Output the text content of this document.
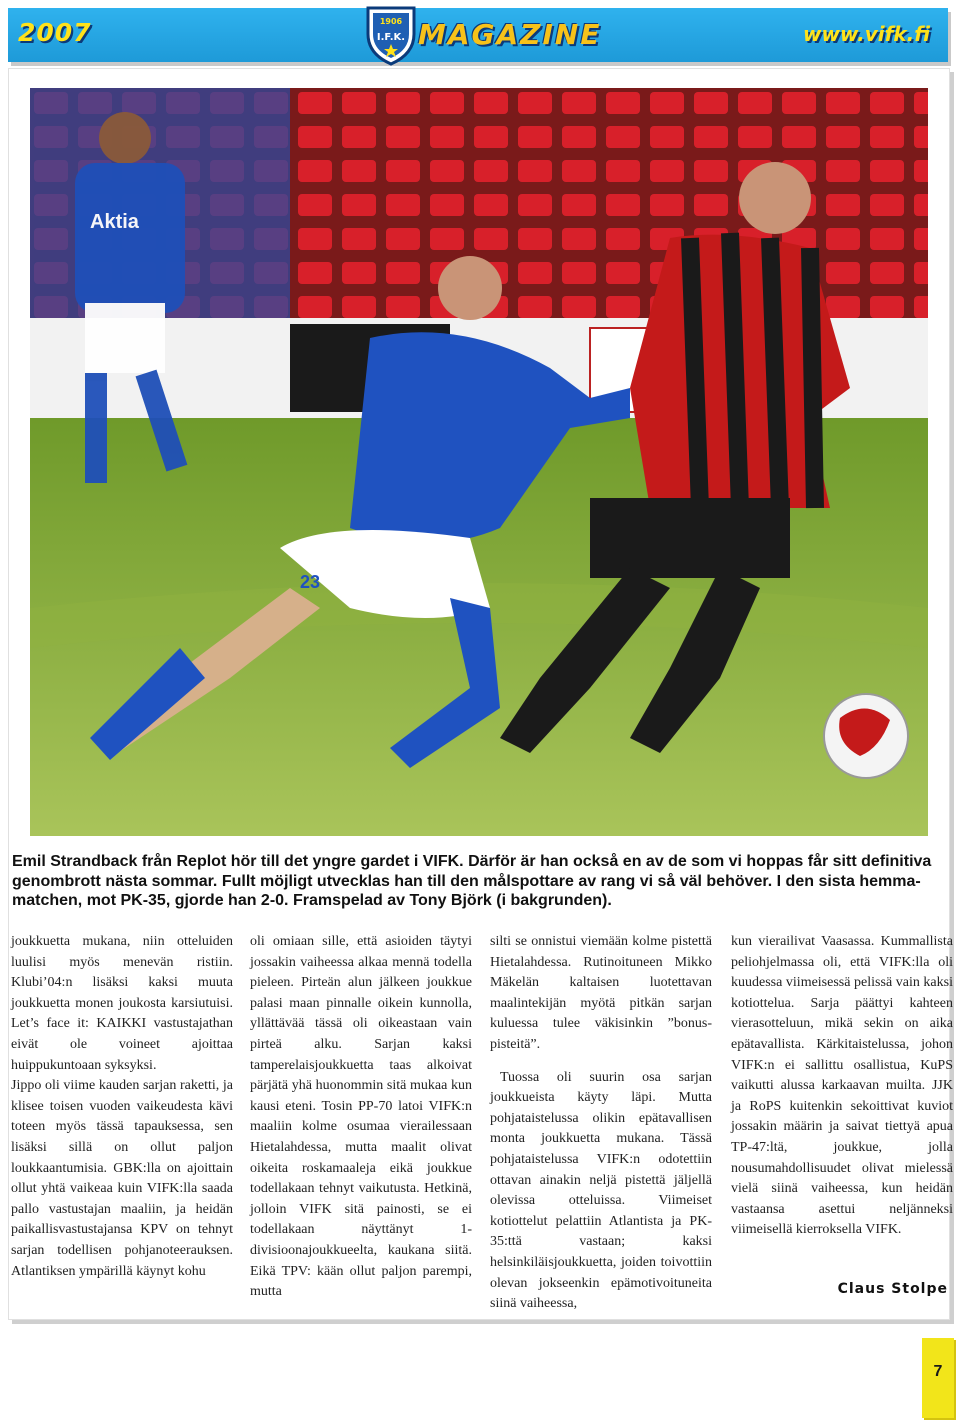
2007	1906
I.F.K. MAGAZINE	www.vifk.fi
Aktia
23
Emil Strandback från Replot hör till det yngre gardet i VIFK. Därför är han också en av de som vi hoppas får sitt definitiva genombrott nästa sommar. Fullt möjligt utvecklas han till den målspottare av rang vi så väl behöver. I den sista hemma-matchen, mot PK-35, gjorde han 2-0. Framspelad av Tony Björk (i bakgrunden).

joukkuetta mukana, niin otteluiden luulisi myös menevän ristiin. Klubi’04:n lisäksi kaksi muuta joukkuetta monen joukosta karsiutuisi. Let’s face it: KAIKKI vastustajathan eivät ole voineet ajoittaa huippukuntoaan syksyksi.

Jippo oli viime kauden sarjan raketti, ja klisee toisen vuoden vaikeudesta kävi toteen myös tässä tapauksessa, sen lisäksi sillä on ollut paljon loukkaantumisia. GBK:lla on ajoittain ollut yhtä vaikeaa kuin VIFK:lla saada pallo vastustajan maaliin, ja heidän paikallisvastustajansa KPV on tehnyt sarjan todellisen pohjanoteerauksen. Atlantiksen ympärillä käynyt kohu

oli omiaan sille, että asioiden täytyi jossakin vaiheessa alkaa mennä todella pieleen. Pirteän alun jälkeen joukkue palasi maan pinnalle oikein kunnolla, yllättävää tässä oli oikeastaan vain pirteä alku. Sarjan kaksi tamperelaisjoukkuetta taas alkoivat pärjätä yhä huonommin sitä mukaa kun kausi eteni. Tosin PP-70 latoi VIFK:n maaliin kolme osumaa vierailessaan Hietalahdessa, mutta maalit olivat oikeita roskamaaleja eikä joukkue todellakaan tehnyt vaikutusta. Hetkinä, jolloin VIFK sitä painosti, se ei todellakaan näyttänyt 1-divisioonajoukkueelta, kaukana siitä. Eikä TPV: kään ollut paljon parempi, mutta

silti se onnistui viemään kolme pistettä Hietalahdessa. Rutinoituneen Mikko Mäkelän kaltaisen luotettavan maalintekijän myötä pitkän sarjan kuluessa tulee väkisinkin ”bonus-pisteitä”.

Tuossa oli suurin osa sarjan joukkueista käyty läpi. Mutta pohjataistelussa olikin epätavallisen monta joukkuetta mukana. Tässä pohjataistelussa VIFK:n odotettiin ottavan ainakin neljä pistettä jäljellä olevissa otteluissa. Viimeiset kotiottelut pelattiin Atlantista ja PK-35:ttä vastaan; kaksi helsinkiläisjoukkuetta, joiden toivottiin olevan jokseenkin epämotivoituneita siinä vaiheessa,

kun vierailivat Vaasassa. Kummallista peliohjelmassa oli, että VIFK:lla oli kuudessa viimeisessä pelissä vain kaksi kotiottelua. Sarja päättyi kahteen vierasotteluun, mikä sekin on aika epätavallista. Kärkitaistelussa, johon VIFK:n ei sallittu osallistua, KuPS vaikutti alussa karkaavan muilta. JJK ja RoPS kuitenkin sekoittivat kuviot jossakin määrin ja saivat tiettyä apua TP-47:ltä, joukkue, jolla nousumahdollisuudet olivat mielessä vielä siinä vaiheessa, kun heidän vastaansa asettui neljänneksi viimeisellä kierroksella VIFK.

Claus Stolpe
7
